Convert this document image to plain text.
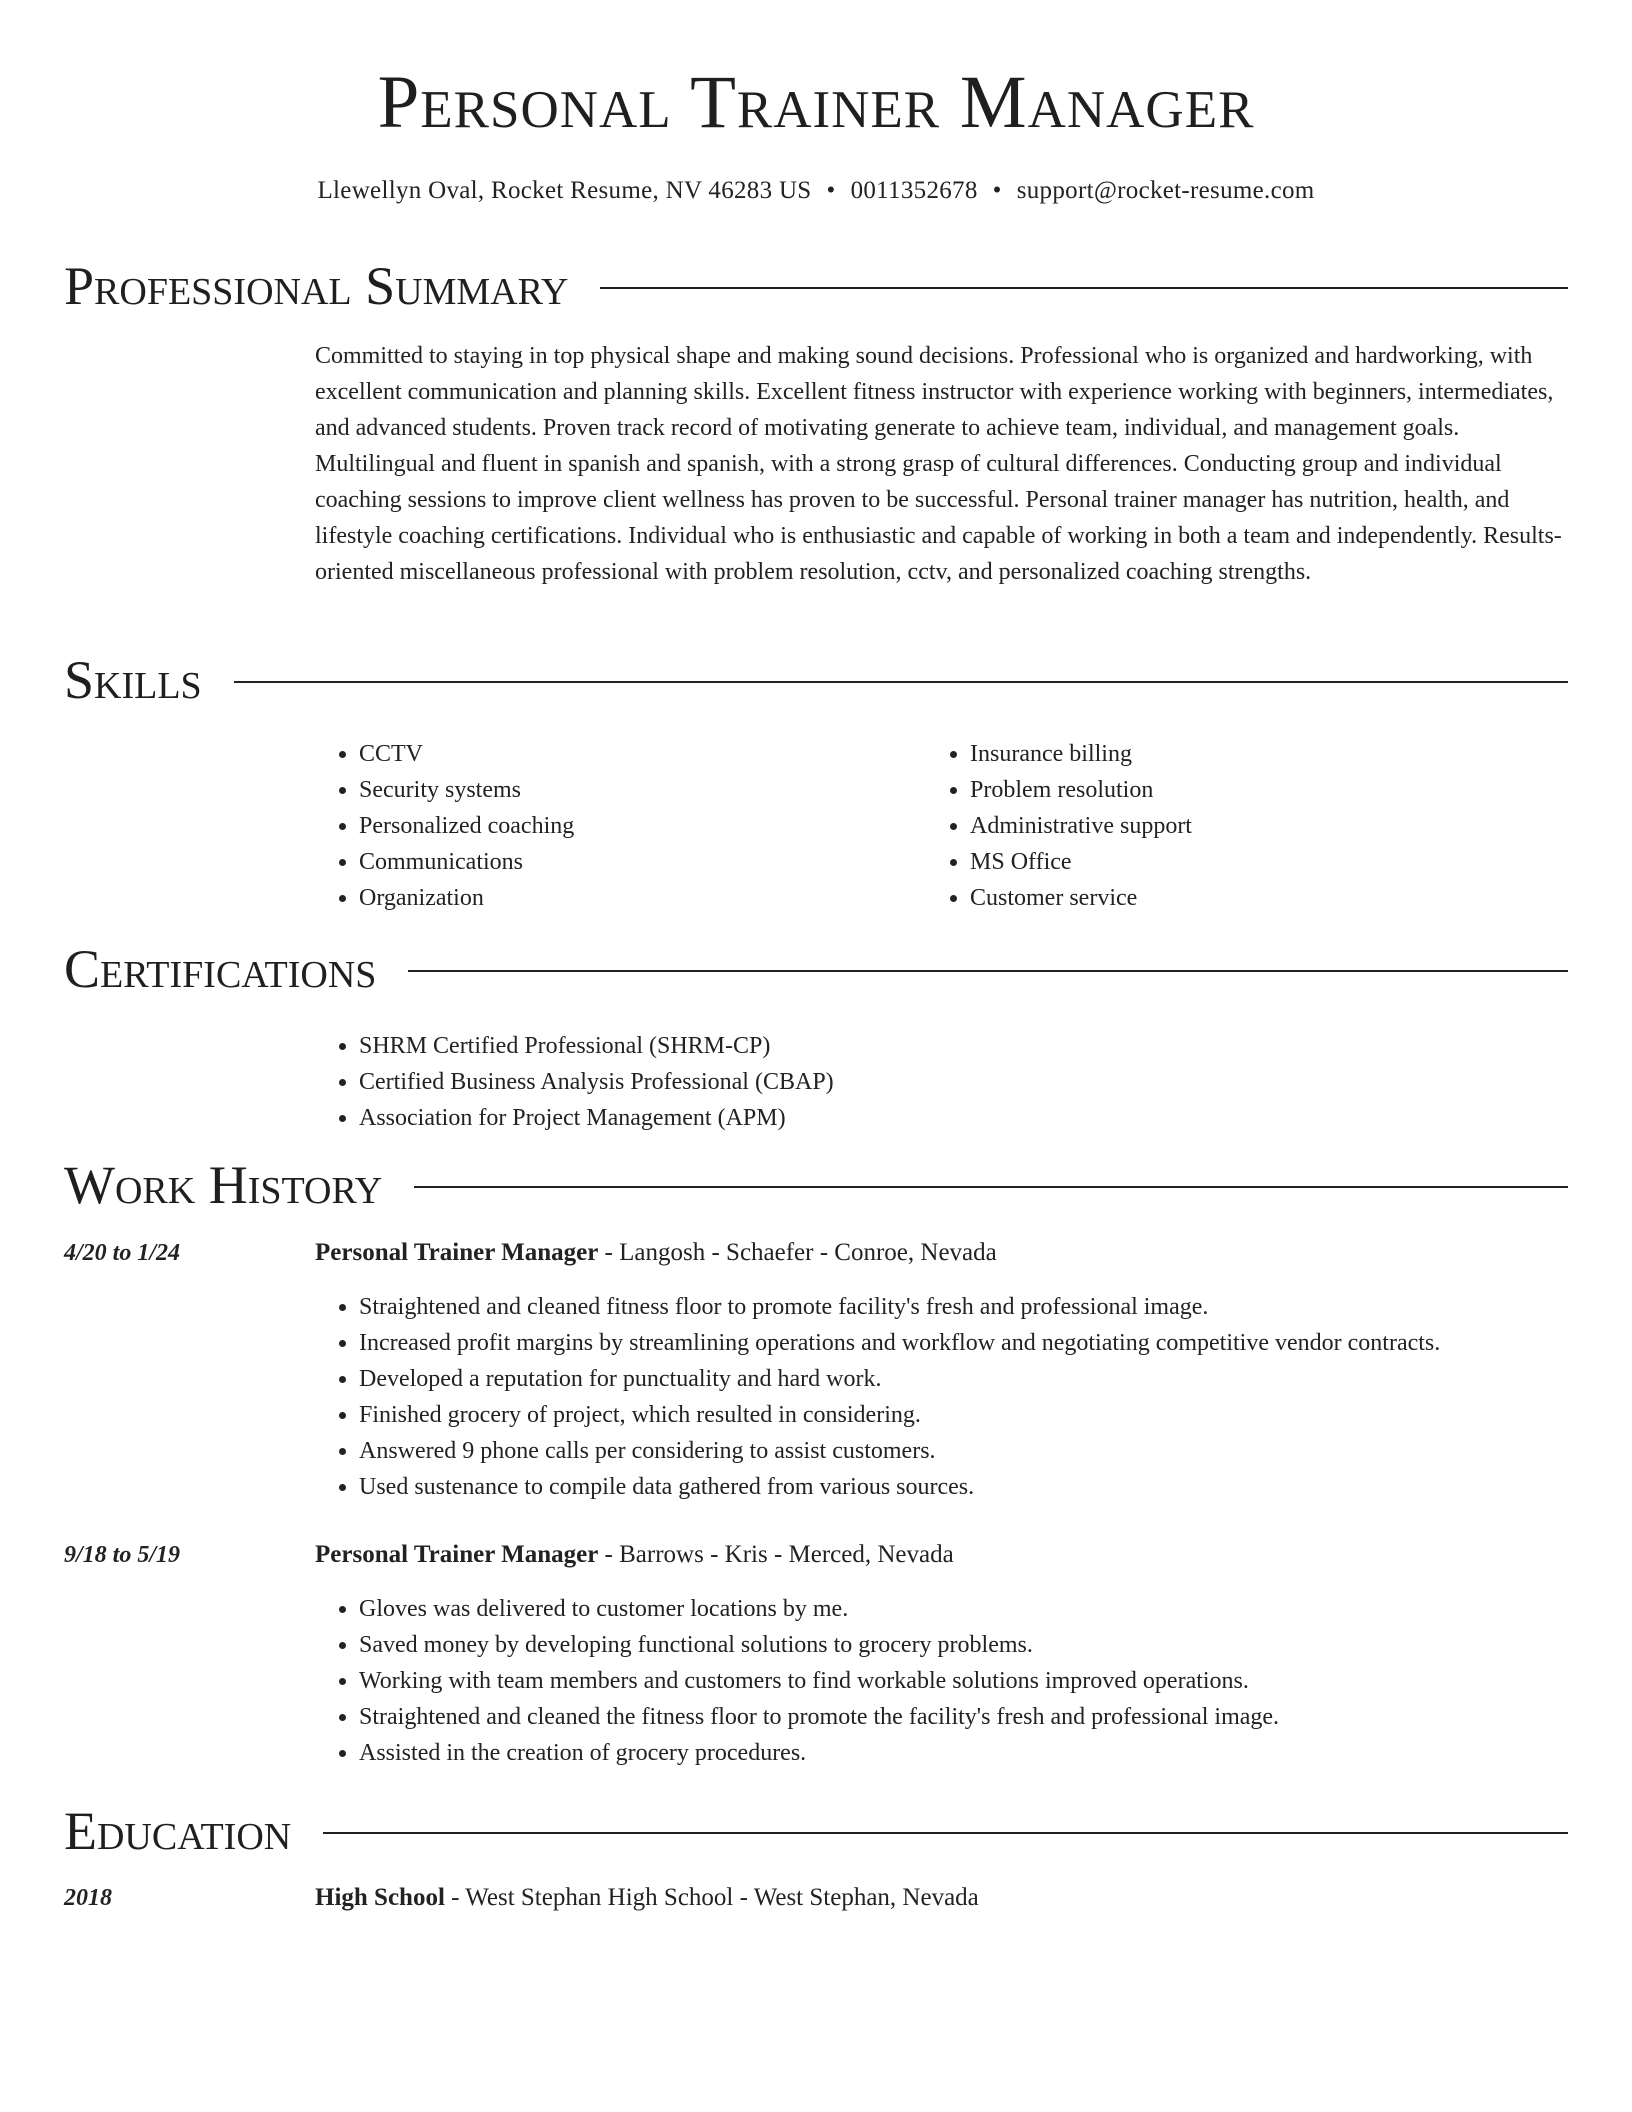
Personal Trainer Manager
Llewellyn Oval, Rocket Resume, NV 46283 US • 0011352678 • support@rocket-resume.com
Professional Summary

Committed to staying in top physical shape and making sound decisions. Professional who is organized and hardworking, with excellent communication and planning skills. Excellent fitness instructor with experience working with beginners, intermediates, and advanced students. Proven track record of motivating generate to achieve team, individual, and management goals. Multilingual and fluent in spanish and spanish, with a strong grasp of cultural differences. Conducting group and individual coaching sessions to improve client wellness has proven to be successful. Personal trainer manager has nutrition, health, and lifestyle coaching certifications. Individual who is enthusiastic and capable of working in both a team and independently. Results-oriented miscellaneous professional with problem resolution, cctv, and personalized coaching strengths.

Skills
• CCTV
• Security systems
• Personalized coaching
• Communications
• Organization
• Insurance billing
• Problem resolution
• Administrative support
• MS Office
• Customer service
Certifications
• SHRM Certified Professional (SHRM-CP)
• Certified Business Analysis Professional (CBAP)
• Association for Project Management (APM)
Work History
4/20 to 1/24	Personal Trainer Manager - Langosh - Schaefer - Conroe, Nevada
• Straightened and cleaned fitness floor to promote facility's fresh and professional image.
• Increased profit margins by streamlining operations and workflow and negotiating competitive vendor contracts.
• Developed a reputation for punctuality and hard work.
• Finished grocery of project, which resulted in considering.
• Answered 9 phone calls per considering to assist customers.
• Used sustenance to compile data gathered from various sources.
9/18 to 5/19	Personal Trainer Manager - Barrows - Kris - Merced, Nevada
• Gloves was delivered to customer locations by me.
• Saved money by developing functional solutions to grocery problems.
• Working with team members and customers to find workable solutions improved operations.
• Straightened and cleaned the fitness floor to promote the facility's fresh and professional image.
• Assisted in the creation of grocery procedures.
Education
2018	High School - West Stephan High School - West Stephan, Nevada
